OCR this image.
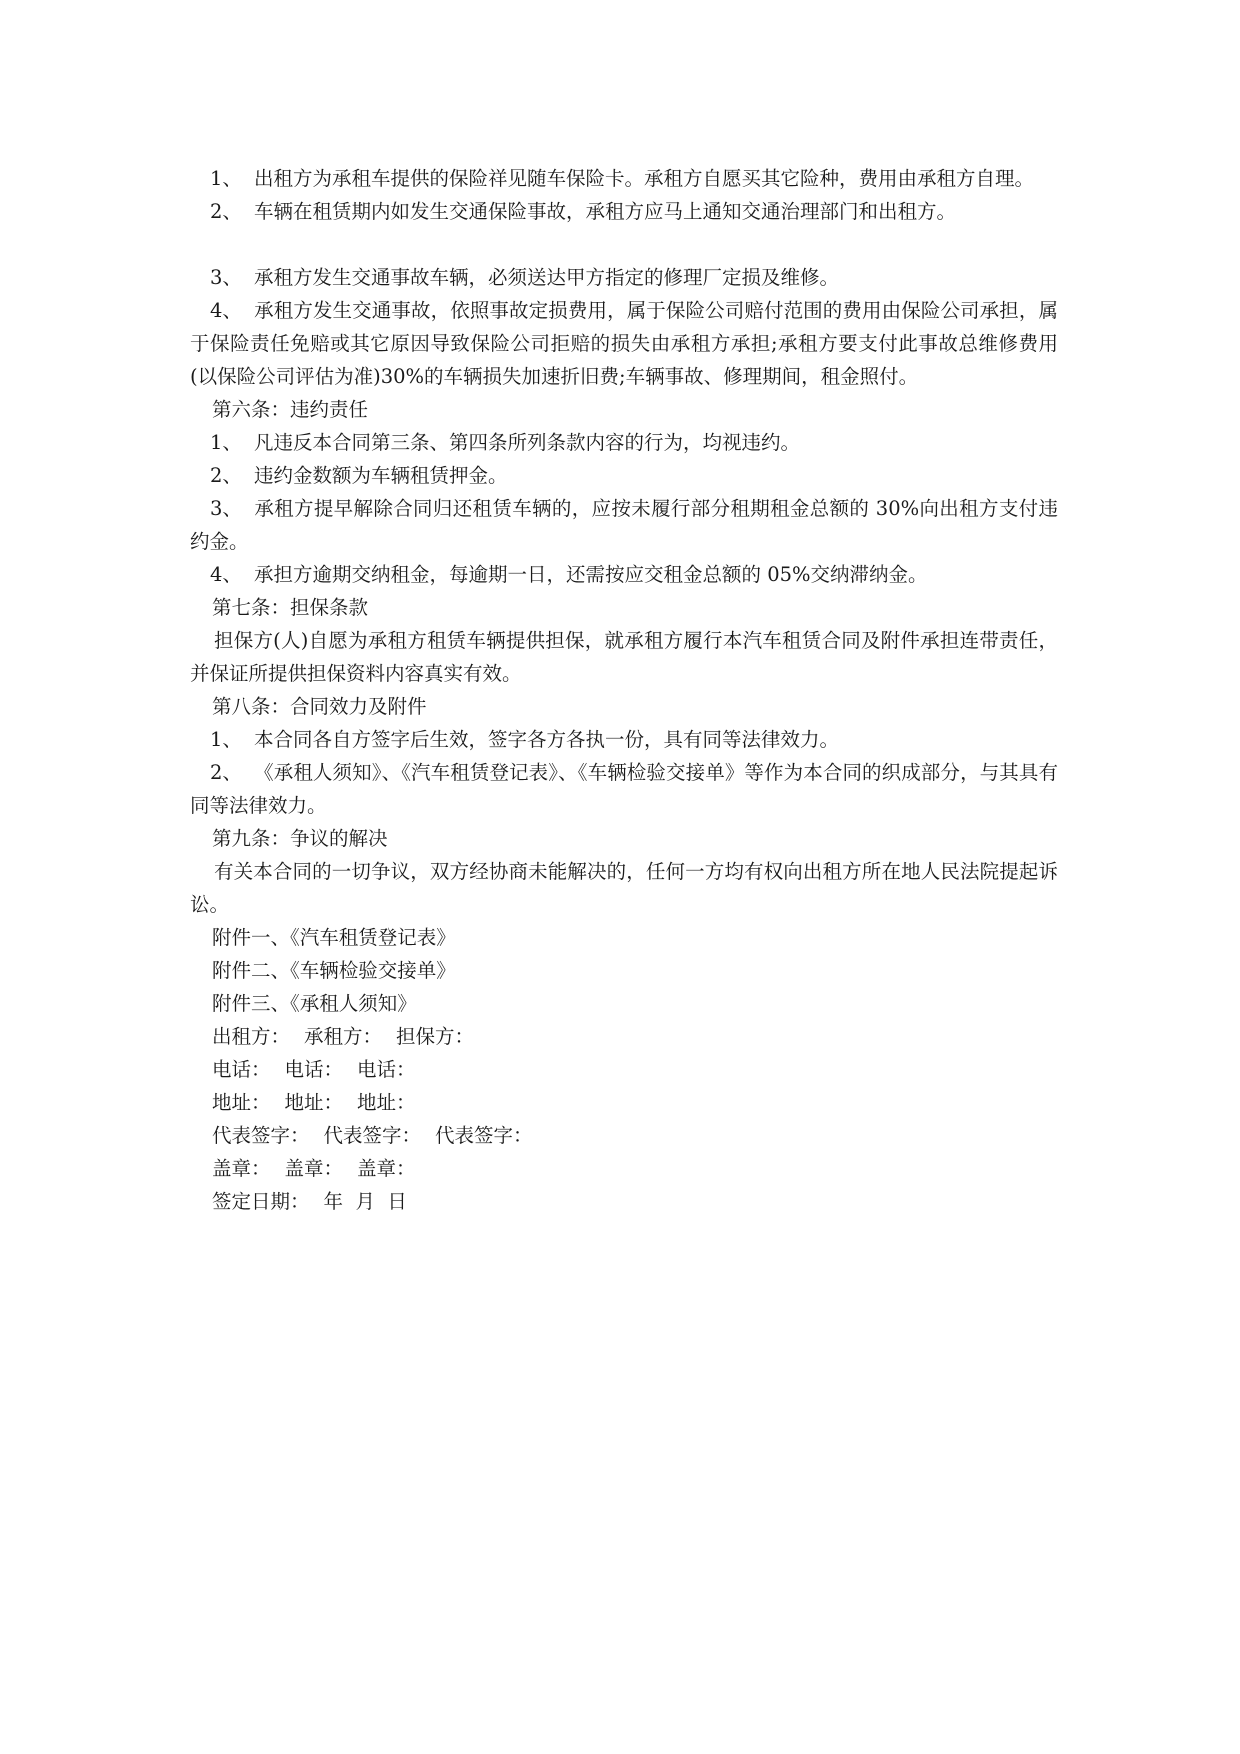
1、 出租方为承租车提供的保险祥见随车保险卡。承租方自愿买其它险种，费用由承租方自理。

2、 车辆在租赁期内如发生交通保险事故，承租方应马上通知交通治理部门和出租方。

3、 承租方发生交通事故车辆，必须送达甲方指定的修理厂定损及维修。

4、 承租方发生交通事故，依照事故定损费用，属于保险公司赔付范围的费用由保险公司承担，属于保险责任免赔或其它原因导致保险公司拒赔的损失由承租方承担;承租方要支付此事故总维修费用(以保险公司评估为准)30%的车辆损失加速折旧费;车辆事故、修理期间，租金照付。

第六条：违约责任

1、 凡违反本合同第三条、第四条所列条款内容的行为，均视违约。

2、 违约金数额为车辆租赁押金。

3、 承租方提早解除合同归还租赁车辆的，应按未履行部分租期租金总额的 30%向出租方支付违约金。

4、 承担方逾期交纳租金，每逾期一日，还需按应交租金总额的 05%交纳滞纳金。

第七条：担保条款

担保方(人)自愿为承租方租赁车辆提供担保，就承租方履行本汽车租赁合同及附件承担连带责任，并保证所提供担保资料内容真实有效。

第八条：合同效力及附件

1、 本合同各自方签字后生效，签字各方各执一份，具有同等法律效力。

2、 《承租人须知》、《汽车租赁登记表》、《车辆检验交接单》等作为本合同的织成部分，与其具有同等法律效力。

第九条：争议的解决

有关本合同的一切争议，双方经协商未能解决的，任何一方均有权向出租方所在地人民法院提起诉讼。

附件一、《汽车租赁登记表》

附件二、《车辆检验交接单》

附件三、《承租人须知》

出租方： 承租方： 担保方：

电话： 电话： 电话：

地址： 地址： 地址：

代表签字： 代表签字： 代表签字：

盖章： 盖章： 盖章：

签定日期： 年 月 日
